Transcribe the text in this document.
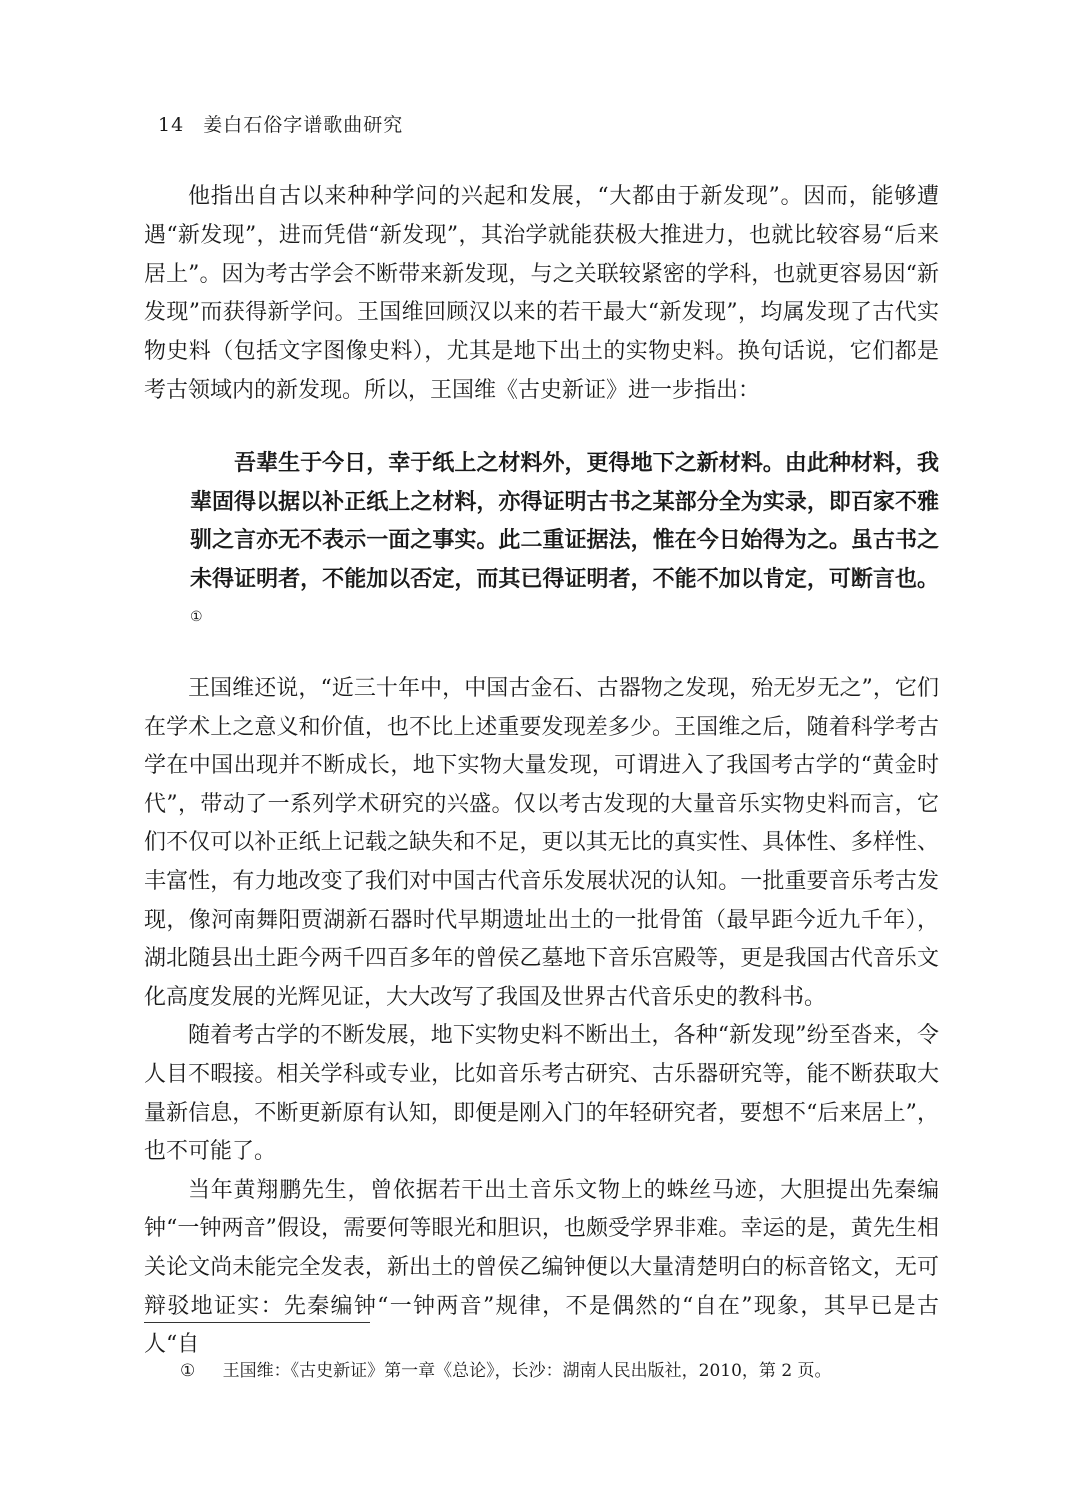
14 姜白石俗字谱歌曲研究

他指出自古以来种种学问的兴起和发展，“大都由于新发现”。因而，能够遭遇“新发现”，进而凭借“新发现”，其治学就能获极大推进力，也就比较容易“后来居上”。因为考古学会不断带来新发现，与之关联较紧密的学科，也就更容易因“新发现”而获得新学问。王国维回顾汉以来的若干最大“新发现”，均属发现了古代实物史料（包括文字图像史料），尤其是地下出土的实物史料。换句话说，它们都是考古领域内的新发现。所以，王国维《古史新证》进一步指出：

吾辈生于今日，幸于纸上之材料外，更得地下之新材料。由此种材料，我辈固得以据以补正纸上之材料，亦得证明古书之某部分全为实录，即百家不雅驯之言亦无不表示一面之事实。此二重证据法，惟在今日始得为之。虽古书之未得证明者，不能加以否定，而其已得证明者，不能不加以肯定，可断言也。①

王国维还说，“近三十年中，中国古金石、古器物之发现，殆无岁无之”，它们在学术上之意义和价值，也不比上述重要发现差多少。王国维之后，随着科学考古学在中国出现并不断成长，地下实物大量发现，可谓进入了我国考古学的“黄金时代”，带动了一系列学术研究的兴盛。仅以考古发现的大量音乐实物史料而言，它们不仅可以补正纸上记载之缺失和不足，更以其无比的真实性、具体性、多样性、丰富性，有力地改变了我们对中国古代音乐发展状况的认知。一批重要音乐考古发现，像河南舞阳贾湖新石器时代早期遗址出土的一批骨笛（最早距今近九千年），湖北随县出土距今两千四百多年的曾侯乙墓地下音乐宫殿等，更是我国古代音乐文化高度发展的光辉见证，大大改写了我国及世界古代音乐史的教科书。

随着考古学的不断发展，地下实物史料不断出土，各种“新发现”纷至沓来，令人目不暇接。相关学科或专业，比如音乐考古研究、古乐器研究等，能不断获取大量新信息，不断更新原有认知，即便是刚入门的年轻研究者，要想不“后来居上”，也不可能了。

当年黄翔鹏先生，曾依据若干出土音乐文物上的蛛丝马迹，大胆提出先秦编钟“一钟两音”假设，需要何等眼光和胆识，也颇受学界非难。幸运的是，黄先生相关论文尚未能完全发表，新出土的曾侯乙编钟便以大量清楚明白的标音铭文，无可辩驳地证实：先秦编钟“一钟两音”规律，不是偶然的“自在”现象，其早已是古人“自

① 王国维：《古史新证》第一章《总论》，长沙：湖南人民出版社，2010，第 2 页。
